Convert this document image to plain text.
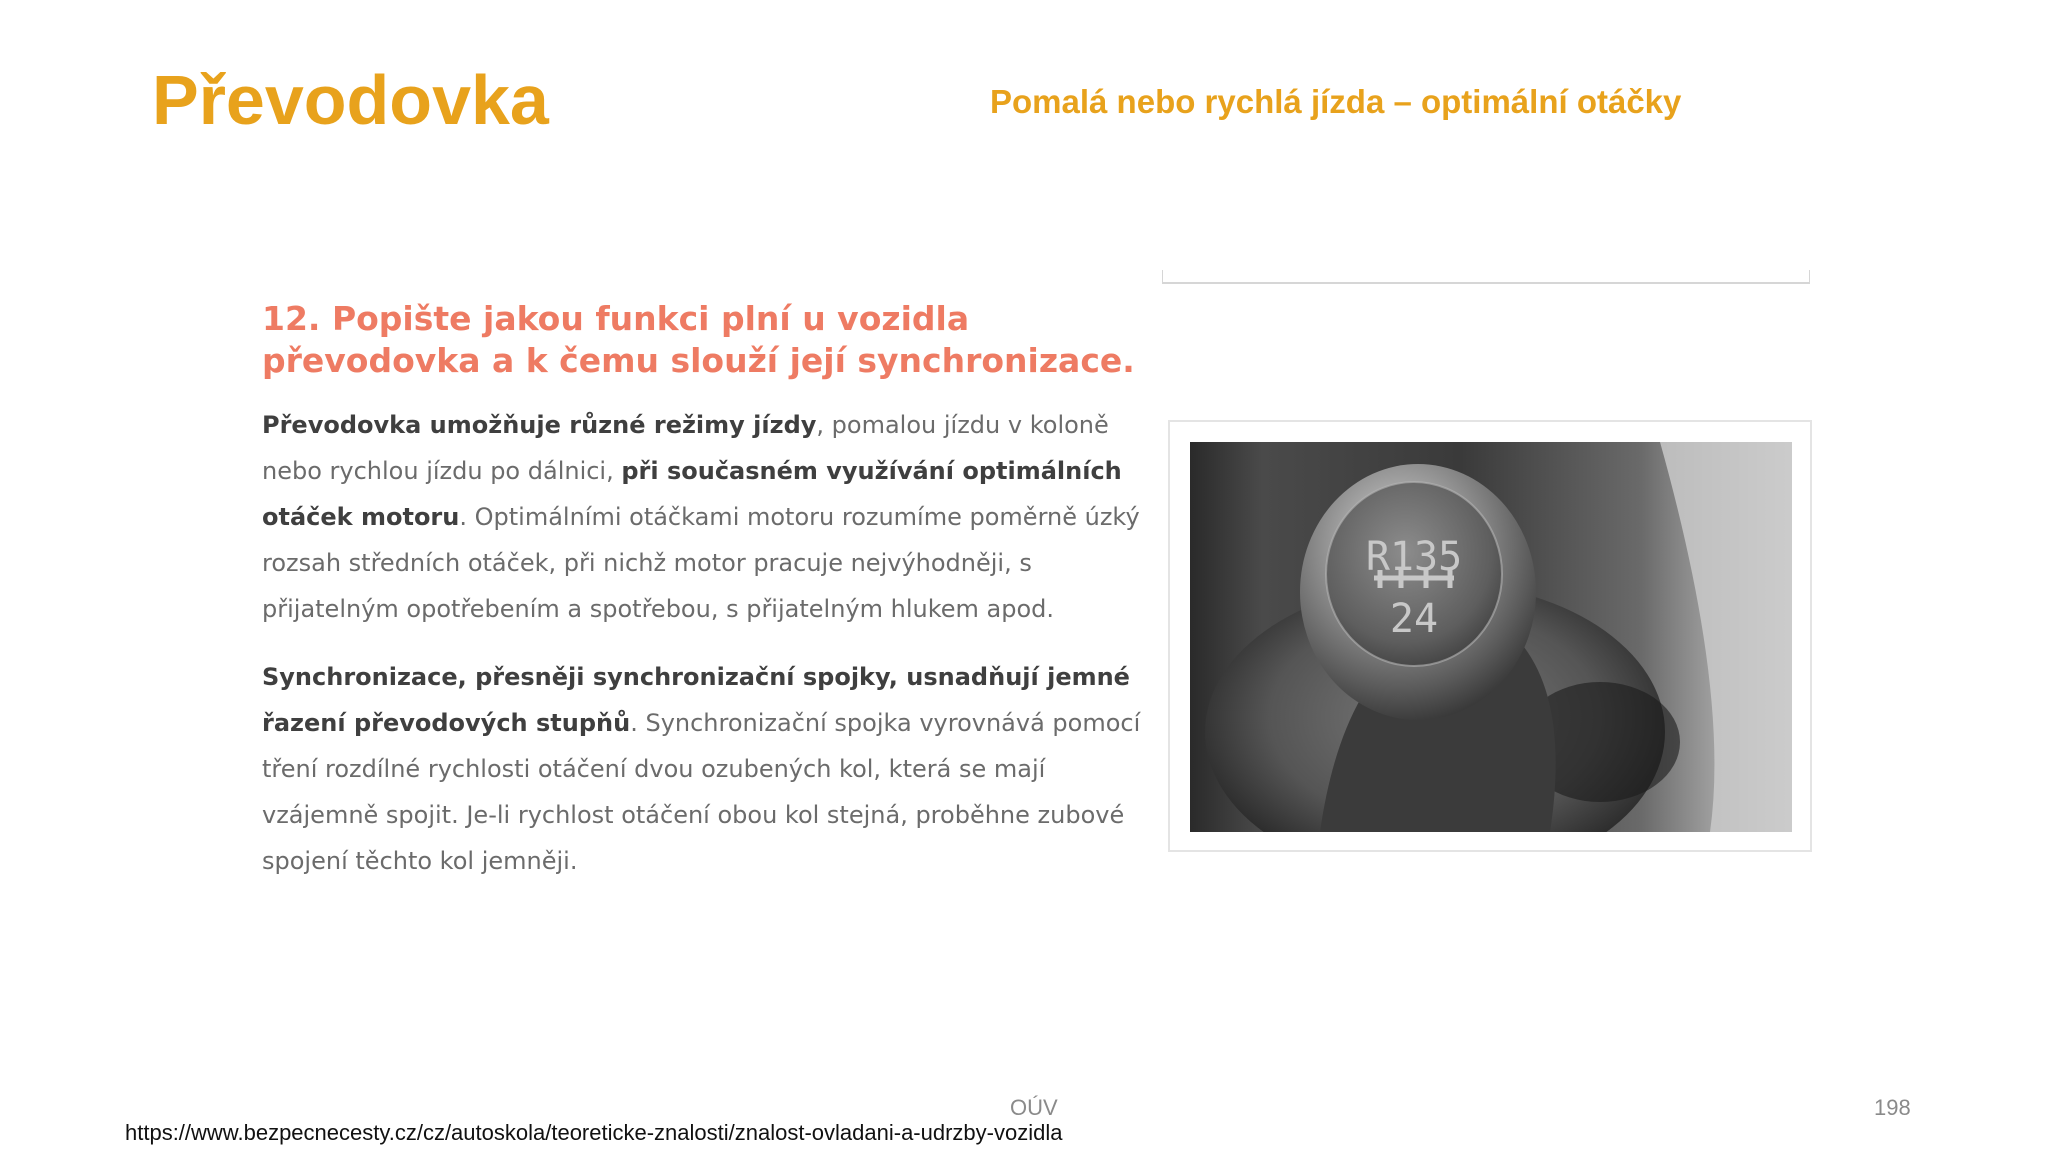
Převodovka	Pomalá nebo rychlá jízda – optimální otáčky
12. Popište jakou funkci plní u vozidla
převodovka a k čemu slouží její synchronizace.

Převodovka umožňuje různé režimy jízdy, pomalou jízdu v koloně nebo rychlou jízdu po dálnici, při současném využívání optimálních otáček motoru. Optimálními otáčkami motoru rozumíme poměrně úzký rozsah středních otáček, při nichž motor pracuje nejvýhodněji, s přijatelným opotřebením a spotřebou, s přijatelným hlukem apod.

Synchronizace, přesněji synchronizační spojky, usnadňují jemné řazení převodových stupňů. Synchronizační spojka vyrovnává pomocí tření rozdílné rychlosti otáčení dvou ozubených kol, která se mají vzájemně spojit. Je-li rychlost otáčení obou kol stejná, proběhne zubové spojení těchto kol jemněji.

R135
24
OÚV	198
https://www.bezpecnecesty.cz/cz/autoskola/teoreticke-znalosti/znalost-ovladani-a-udrzby-vozidla
